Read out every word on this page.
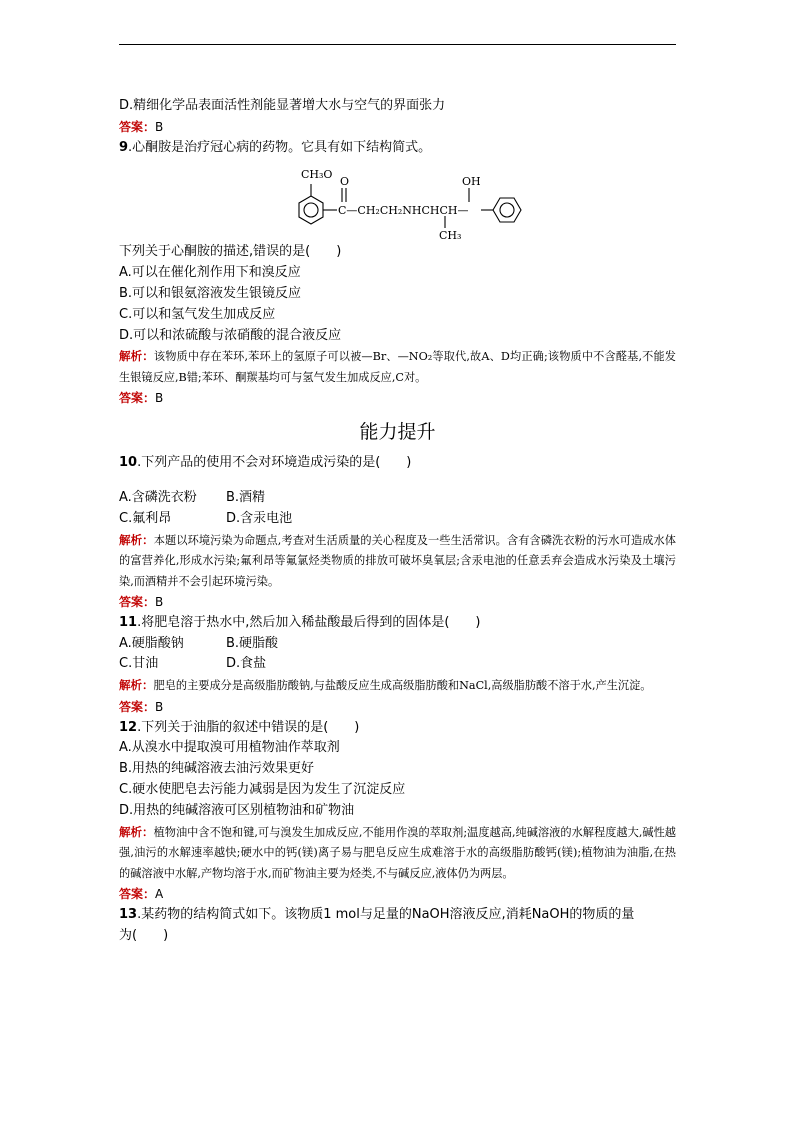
D.精细化学品表面活性剂能显著增大水与空气的界面张力
答案：B
9.心酮胺是治疗冠心病的药物。它具有如下结构简式。
CH₃O
O	OH
C—CH₂CH₂NHCHCH—
CH₃
下列关于心酮胺的描述,错误的是(　　)
A.可以在催化剂作用下和溴反应
B.可以和银氨溶液发生银镜反应
C.可以和氢气发生加成反应
D.可以和浓硫酸与浓硝酸的混合液反应
解析：该物质中存在苯环,苯环上的氢原子可以被—Br、—NO₂等取代,故A、D均正确;该物质中不含醛基,不能发生银镜反应,B错;苯环、酮羰基均可与氢气发生加成反应,C对。
答案：B
能力提升
10.下列产品的使用不会对环境造成污染的是(　　)
A.含磷洗衣粉	B.酒精
C.氟利昂	D.含汞电池
解析：本题以环境污染为命题点,考查对生活质量的关心程度及一些生活常识。含有含磷洗衣粉的污水可造成水体的富营养化,形成水污染;氟利昂等氟氯烃类物质的排放可破坏臭氧层;含汞电池的任意丢弃会造成水污染及土壤污染,而酒精并不会引起环境污染。
答案：B
11.将肥皂溶于热水中,然后加入稀盐酸最后得到的固体是(　　)
A.硬脂酸钠	B.硬脂酸
C.甘油	D.食盐
解析：肥皂的主要成分是高级脂肪酸钠,与盐酸反应生成高级脂肪酸和NaCl,高级脂肪酸不溶于水,产生沉淀。
答案：B
12.下列关于油脂的叙述中错误的是(　　)
A.从溴水中提取溴可用植物油作萃取剂
B.用热的纯碱溶液去油污效果更好
C.硬水使肥皂去污能力减弱是因为发生了沉淀反应
D.用热的纯碱溶液可区别植物油和矿物油
解析：植物油中含不饱和键,可与溴发生加成反应,不能用作溴的萃取剂;温度越高,纯碱溶液的水解程度越大,碱性越强,油污的水解速率越快;硬水中的钙(镁)离子易与肥皂反应生成难溶于水的高级脂肪酸钙(镁);植物油为油脂,在热的碱溶液中水解,产物均溶于水,而矿物油主要为烃类,不与碱反应,液体仍为两层。
答案：A
13.某药物的结构简式如下。该物质1 mol与足量的NaOH溶液反应,消耗NaOH的物质的量
为(　　)
